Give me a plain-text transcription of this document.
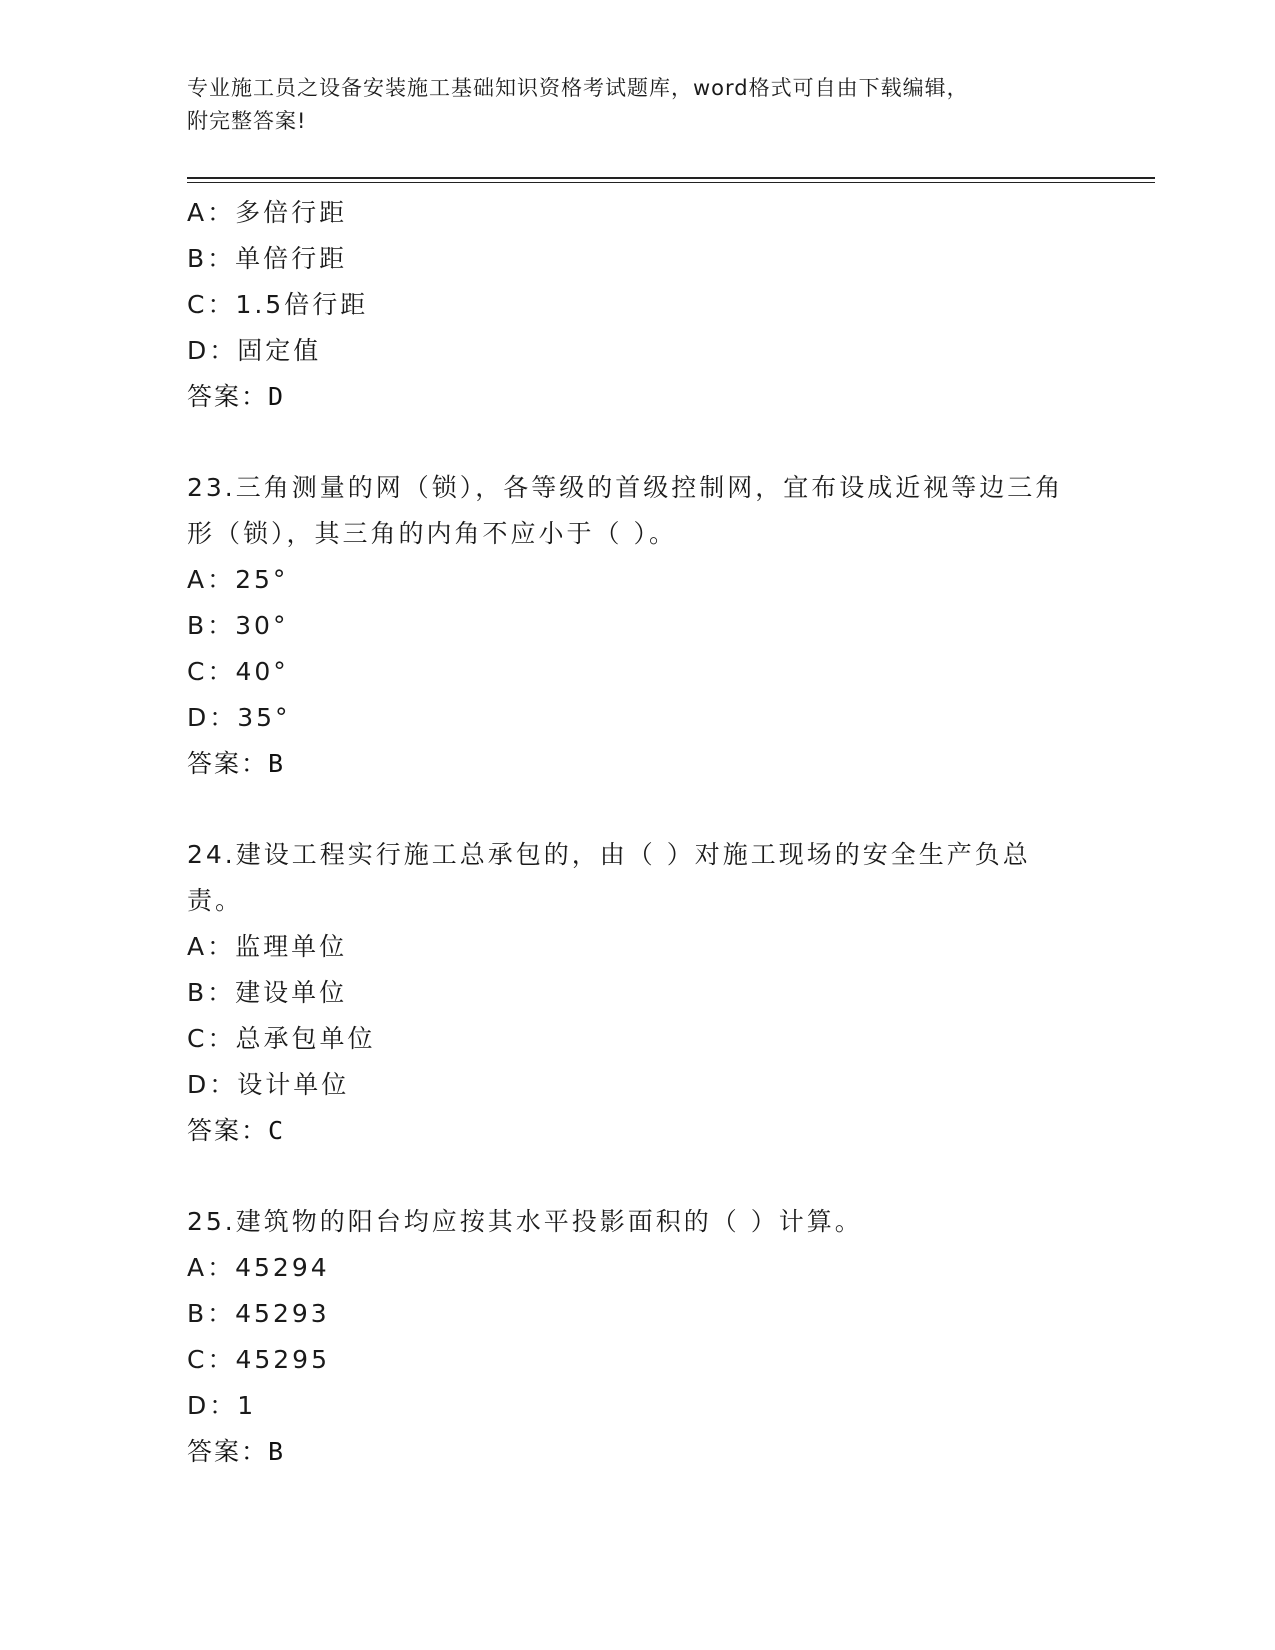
专业施工员之设备安装施工基础知识资格考试题库，word格式可自由下载编辑，
附完整答案!
A：多倍行距
B：单倍行距
C：1.5倍行距
D：固定值
答案：D
23.三角测量的网（锁），各等级的首级控制网，宜布设成近视等边三角形（锁），其三角的内角不应小于（ ）。
A：25°
B：30°
C：40°
D：35°
答案：B
24.建设工程实行施工总承包的，由（ ）对施工现场的安全生产负总责。
A：监理单位
B：建设单位
C：总承包单位
D：设计单位
答案：C
25.建筑物的阳台均应按其水平投影面积的（ ）计算。
A：45294
B：45293
C：45295
D：1
答案：B
